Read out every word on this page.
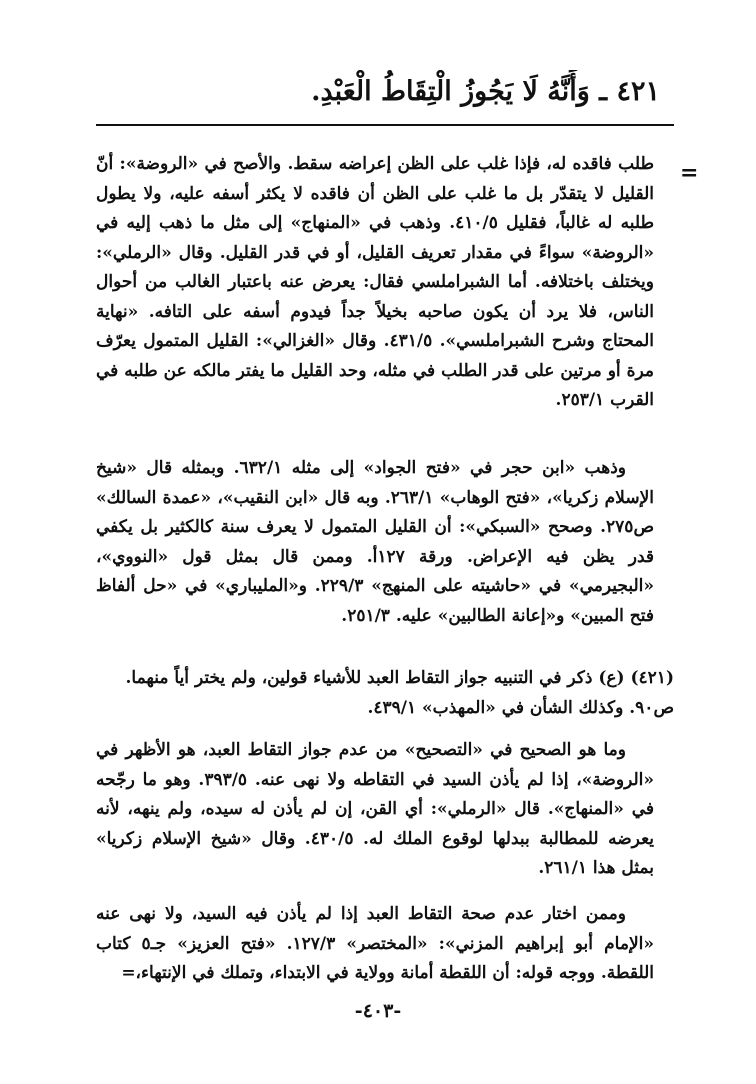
٤٢١ ـ وَأَنَّهُ لَا يَجُوزُ الْتِقَاطُ الْعَبْدِ.
=
طلب فاقده له، فإذا غلب على الظن إعراضه سقط. والأصح في «الروضة»: أنّ القليل لا يتقدّر بل ما غلب على الظن أن فاقده لا يكثر أسفه عليه، ولا يطول طلبه له غالباً، فقليل ٤١٠/٥. وذهب في «المنهاج» إلى مثل ما ذهب إليه في «الروضة» سواءً في مقدار تعريف القليل، أو في قدر القليل. وقال «الرملي»: ويختلف باختلافه. أما الشبراملسي فقال: يعرض عنه باعتبار الغالب من أحوال الناس، فلا يرد أن يكون صاحبه بخيلاً جداً فيدوم أسفه على التافه. «نهاية المحتاج وشرح الشبراملسي». ٤٣١/٥. وقال «الغزالي»: القليل المتمول يعرّف مرة أو مرتين على قدر الطلب في مثله، وحد القليل ما يفتر مالكه عن طلبه في القرب ٢٥٣/١.
وذهب «ابن حجر في «فتح الجواد» إلى مثله ٦٣٢/١. وبمثله قال «شيخ الإسلام زكريا»، «فتح الوهاب» ٢٦٣/١. وبه قال «ابن النقيب»، «عمدة السالك» ص٢٧٥. وصحح «السبكي»: أن القليل المتمول لا يعرف سنة كالكثير بل يكفي قدر يظن فيه الإعراض. ورقة ١٢٧أ. وممن قال بمثل قول «النووي»، «البجيرمي» في «حاشيته على المنهج» ٢٢٩/٣. و«المليباري» في «حل ألفاظ فتح المبين» و«إعانة الطالبين» عليه. ٢٥١/٣.
(٤٢١) (ع) ذكر في التنبيه جواز التقاط العبد للأشياء قولين، ولم يختر أياً منهما. ص٩٠. وكذلك الشأن في «المهذب» ٤٣٩/١.
وما هو الصحيح في «التصحيح» من عدم جواز التقاط العبد، هو الأظهر في «الروضة»، إذا لم يأذن السيد في التقاطه ولا نهى عنه. ٣٩٣/٥. وهو ما رجّحه في «المنهاج». قال «الرملي»: أي القن، إن لم يأذن له سيده، ولم ينهه، لأنه يعرضه للمطالبة ببدلها لوقوع الملك له. ٤٣٠/٥. وقال «شيخ الإسلام زكريا» بمثل هذا ٢٦١/١.
وممن اختار عدم صحة التقاط العبد إذا لم يأذن فيه السيد، ولا نهى عنه «الإمام أبو إبراهيم المزني»: «المختصر» ١٢٧/٣. «فتح العزيز» جـ٥ كتاب اللقطة. ووجه قوله: أن اللقطة أمانة وولاية في الابتداء، وتملك في الإنتهاء،=
-٤٠٣-
